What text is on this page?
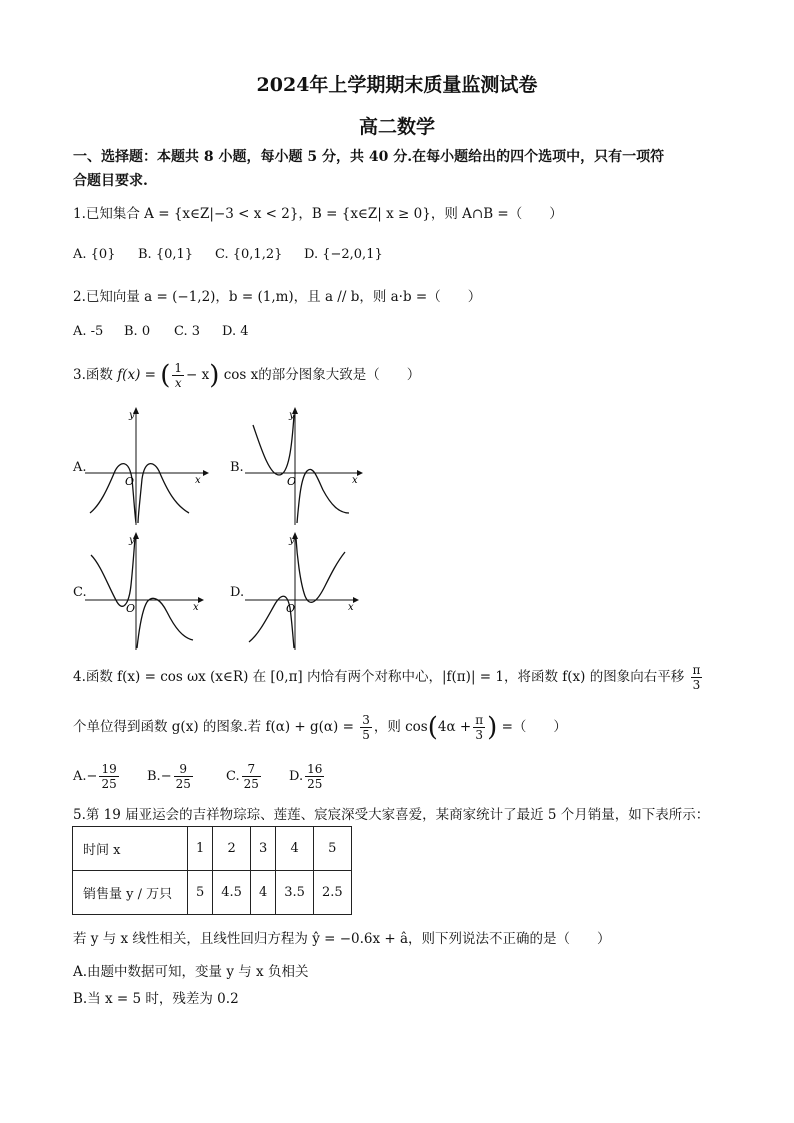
2024年上学期期末质量监测试卷
高二数学
一、选择题：本题共 8 小题，每小题 5 分，共 40 分.在每小题给出的四个选项中，只有一项符
合题目要求.
1.已知集合 A = {x∈Z|−3 < x < 2}，B = {x∈Z| x ≥ 0}，则 A∩B =（　　）
A. {0} B. {0,1} C. {0,1,2} D. {−2,0,1}
2.已知向量 a = (−1,2)，b = (1,m)，且 a // b，则 a·b =（　　）
A. -5 B. 0 C. 3 D. 4
3.函数 f(x) = ( $\frac{1}{x} - x$) cos x的部分图象大致是（　　）
A.
y
x
O
B.
y
x
O
C.
y
x
O
D.
y
x
O
4.函数 f(x) = cos ωx (x∈R) 在 [0,π] 内恰有两个对称中心，|f(π)| = 1，将函数 f(x) 的图象向右平移 $\frac{\pi}{3}$
个单位得到函数 g(x) 的图象.若 $f(\alpha) + g(\alpha) = \frac{3}{5}$ ，则 $\cos(4\alpha + \frac{\pi}{3}$ ) =（　　）
$A.- \frac{19}{25} B.- \frac{9}{25}$	C. $\frac{7}{25} D$. $\frac{16}{25}$
5.第 19 届亚运会的吉祥物琮琮、莲莲、宸宸深受大家喜爱，某商家统计了最近 5 个月销量，如下表所示：
时间 x	1	2	3	4	5
销售量 y / 万只	5	4.5	4	3.5	2.5
若 y 与 x 线性相关，且线性回归方程为 ŷ = −0.6x + â，则下列说法不正确的是（　　）
A.由题中数据可知，变量 y 与 x 负相关
B.当 x = 5 时，残差为 0.2
